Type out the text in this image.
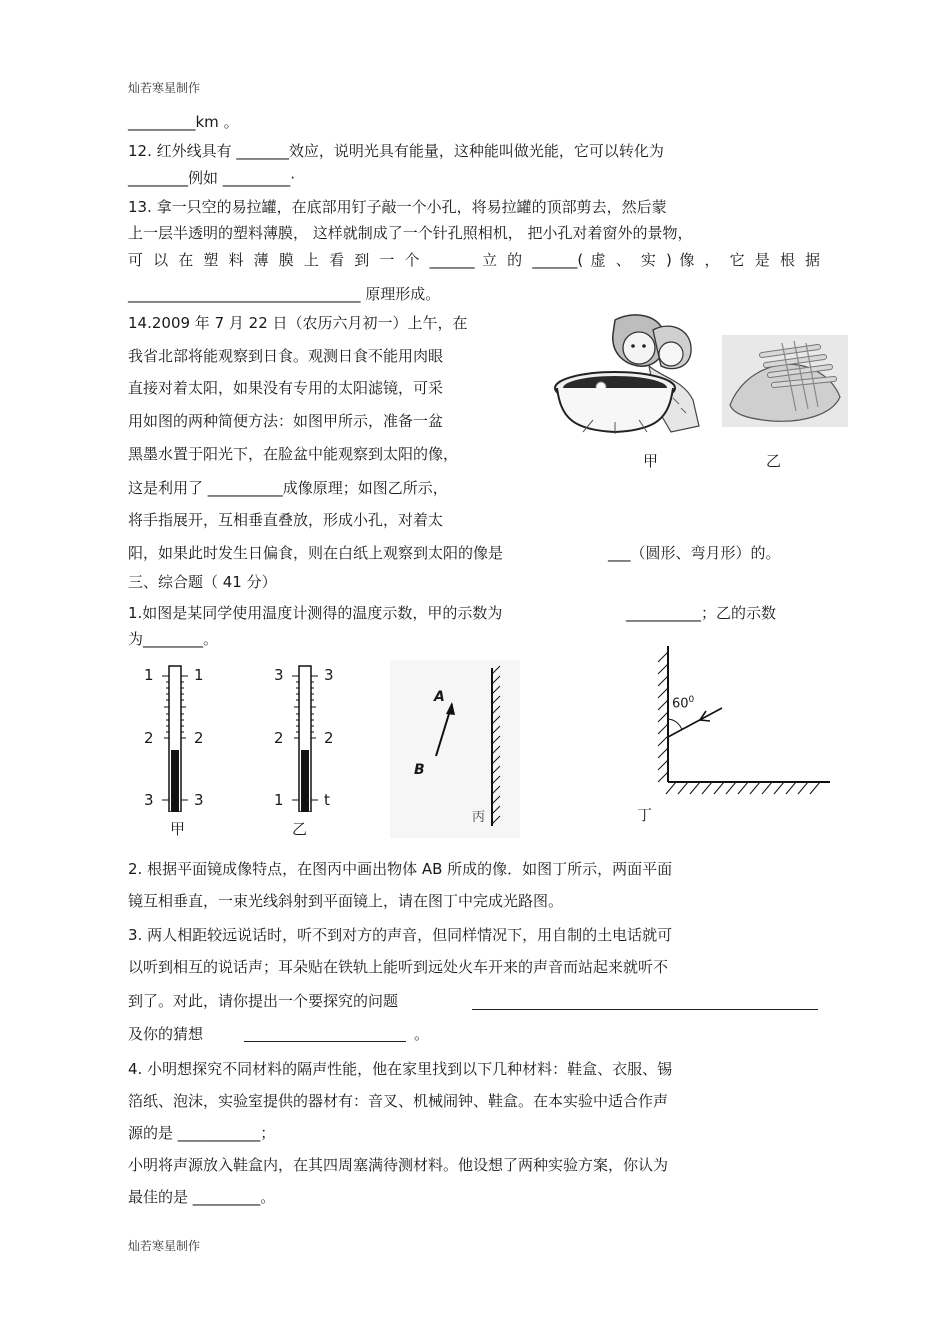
灿若寒星制作
灿若寒星制作
_________km 。
12. 红外线具有 _______效应，说明光具有能量，这种能叫做光能，它可以转化为
________例如 _________·
13. 拿一只空的易拉罐，在底部用钉子敲一个小孔，将易拉罐的顶部剪去，然后蒙
上一层半透明的塑料薄膜， 这样就制成了一个针孔照相机， 把小孔对着窗外的景物，
可 以 在 塑 料 薄 膜 上 看 到 一 个 ______ 立 的 ______( 虚 、 实 ) 像 ， 它 是 根 据
_______________________________ 原理形成。
14.2009 年 7 月 22 日（农历六月初一）上午，在
我省北部将能观察到日食。观测日食不能用肉眼
直接对着太阳，如果没有专用的太阳滤镜，可采
用如图的两种简便方法：如图甲所示，准备一盆
黑墨水置于阳光下，在脸盆中能观察到太阳的像，
这是利用了 __________成像原理；如图乙所示，
将手指展开，互相垂直叠放，形成小孔，对着太
阳，如果此时发生日偏食，则在白纸上观察到太阳的像是	___（圆形、弯月形）的。
甲	乙
三、综合题（ 41 分）
1.如图是某同学使用温度计测得的温度示数，甲的示数为	__________；乙的示数
为________。
1
2
3
1
2
3
甲
3
2
1
3
2
t
乙
A
B
丙
$60^0$
丁
2. 根据平面镜成像特点，在图丙中画出物体 AB 所成的像．如图丁所示，两面平面
镜互相垂直，一束光线斜射到平面镜上，请在图丁中完成光路图。
3. 两人相距较远说话时，听不到对方的声音，但同样情况下，用自制的土电话就可
以听到相互的说话声；耳朵贴在铁轨上能听到远处火车开来的声音而站起来就听不
到了。对此，请你提出一个要探究的问题
及你的猜想	。
4. 小明想探究不同材料的隔声性能，他在家里找到以下几种材料：鞋盒、衣服、锡
箔纸、泡沫，实验室提供的器材有：音叉、机械闹钟、鞋盒。在本实验中适合作声
源的是 ___________；
小明将声源放入鞋盒内，在其四周塞满待测材料。他设想了两种实验方案，你认为
最佳的是 _________。
